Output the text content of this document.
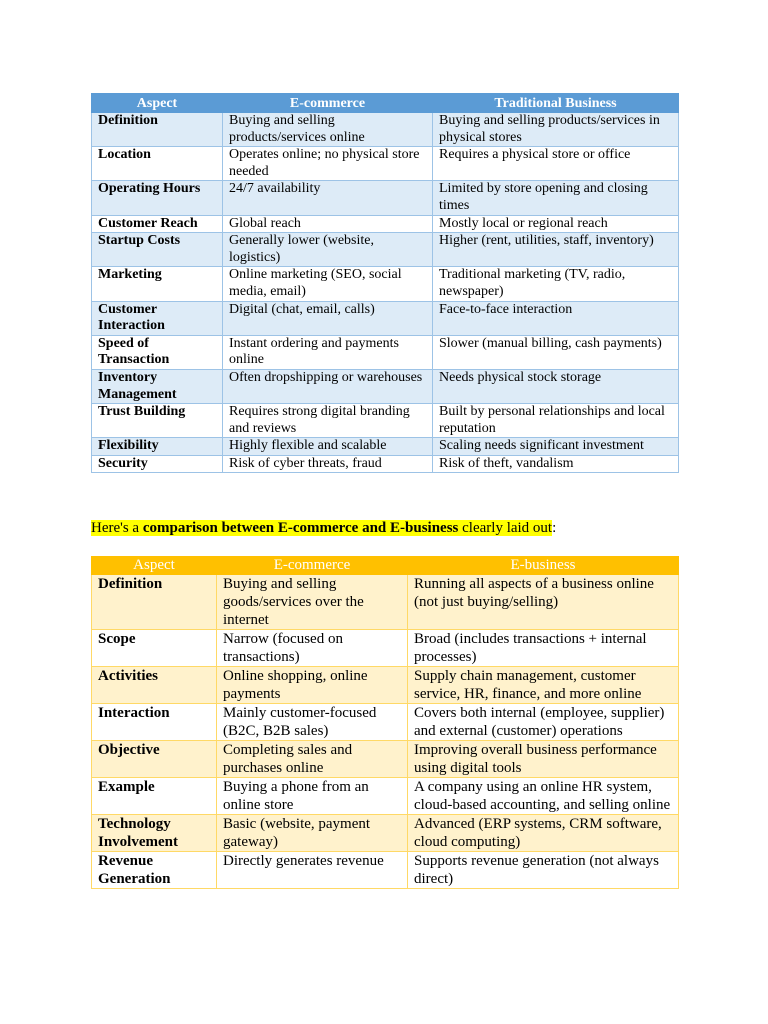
Aspect	E-commerce	Traditional Business
Definition	Buying and selling products/services online	Buying and selling products/services in physical stores
Location	Operates online; no physical store needed	Requires a physical store or office
Operating Hours	24/7 availability	Limited by store opening and closing times
Customer Reach	Global reach	Mostly local or regional reach
Startup Costs	Generally lower (website, logistics)	Higher (rent, utilities, staff, inventory)
Marketing	Online marketing (SEO, social media, email)	Traditional marketing (TV, radio, newspaper)
Customer Interaction	Digital (chat, email, calls)	Face-to-face interaction
Speed of Transaction	Instant ordering and payments online	Slower (manual billing, cash payments)
Inventory Management	Often dropshipping or warehouses	Needs physical stock storage
Trust Building	Requires strong digital branding and reviews	Built by personal relationships and local reputation
Flexibility	Highly flexible and scalable	Scaling needs significant investment
Security	Risk of cyber threats, fraud	Risk of theft, vandalism
Here's a comparison between E-commerce and E-business clearly laid out:
Aspect	E-commerce	E-business
Definition	Buying and selling goods/services over the internet	Running all aspects of a business online (not just buying/selling)
Scope	Narrow (focused on transactions)	Broad (includes transactions + internal processes)
Activities	Online shopping, online payments	Supply chain management, customer service, HR, finance, and more online
Interaction	Mainly customer-focused (B2C, B2B sales)	Covers both internal (employee, supplier) and external (customer) operations
Objective	Completing sales and purchases online	Improving overall business performance using digital tools
Example	Buying a phone from an online store	A company using an online HR system, cloud-based accounting, and selling online
Technology Involvement	Basic (website, payment gateway)	Advanced (ERP systems, CRM software, cloud computing)
Revenue Generation	Directly generates revenue	Supports revenue generation (not always direct)
